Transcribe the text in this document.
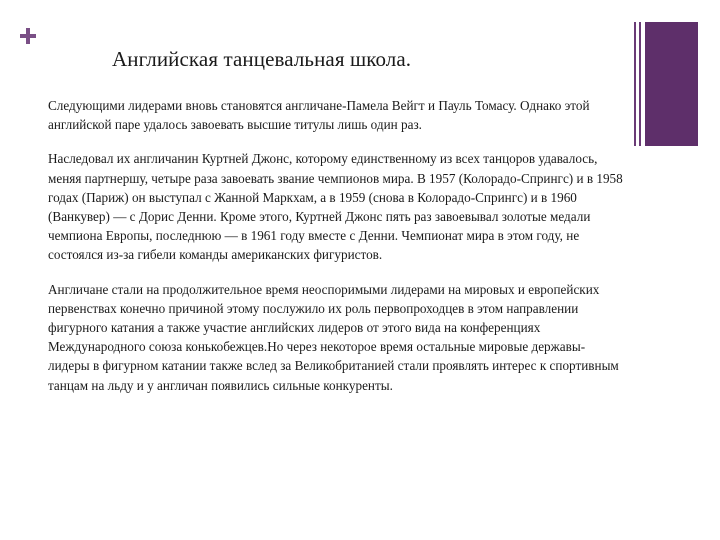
Английская танцевальная школа.

Следующими лидерами вновь становятся англичане-Памела Вейгт и Пауль Томасу. Однако этой английской паре удалось завоевать высшие титулы лишь один раз.

Наследовал их англичанин Куртней Джонс, которому единственному из всех танцоров удавалось, меняя партнершу, четыре раза завоевать звание чемпионов мира. В 1957 (Колорадо-Спрингс) и в 1958 годах (Париж) он выступал с Жанной Маркхам, а в 1959 (снова в Колорадо-Спрингс) и в 1960 (Ванкувер) — с Дорис Денни. Кроме этого, Куртней Джонс пять раз завоевывал золотые медали чемпиона Европы, последнюю — в 1961 году вместе с Денни. Чемпионат мира в этом году, не состоялся из-за гибели команды американских фигуристов.

Англичане стали на продолжительное время неоспоримыми лидерами на мировых и европейских первенствах конечно причиной этому послужило их роль первопроходцев в этом направлении фигурного катания а также участие английских лидеров от этого вида на конференциях Международного союза конькобежцев.Но через некоторое время остальные мировые державы- лидеры в фигурном катании также вслед за Великобританией стали проявлять интерес к спортивным танцам на льду и у англичан появились сильные конкуренты.
